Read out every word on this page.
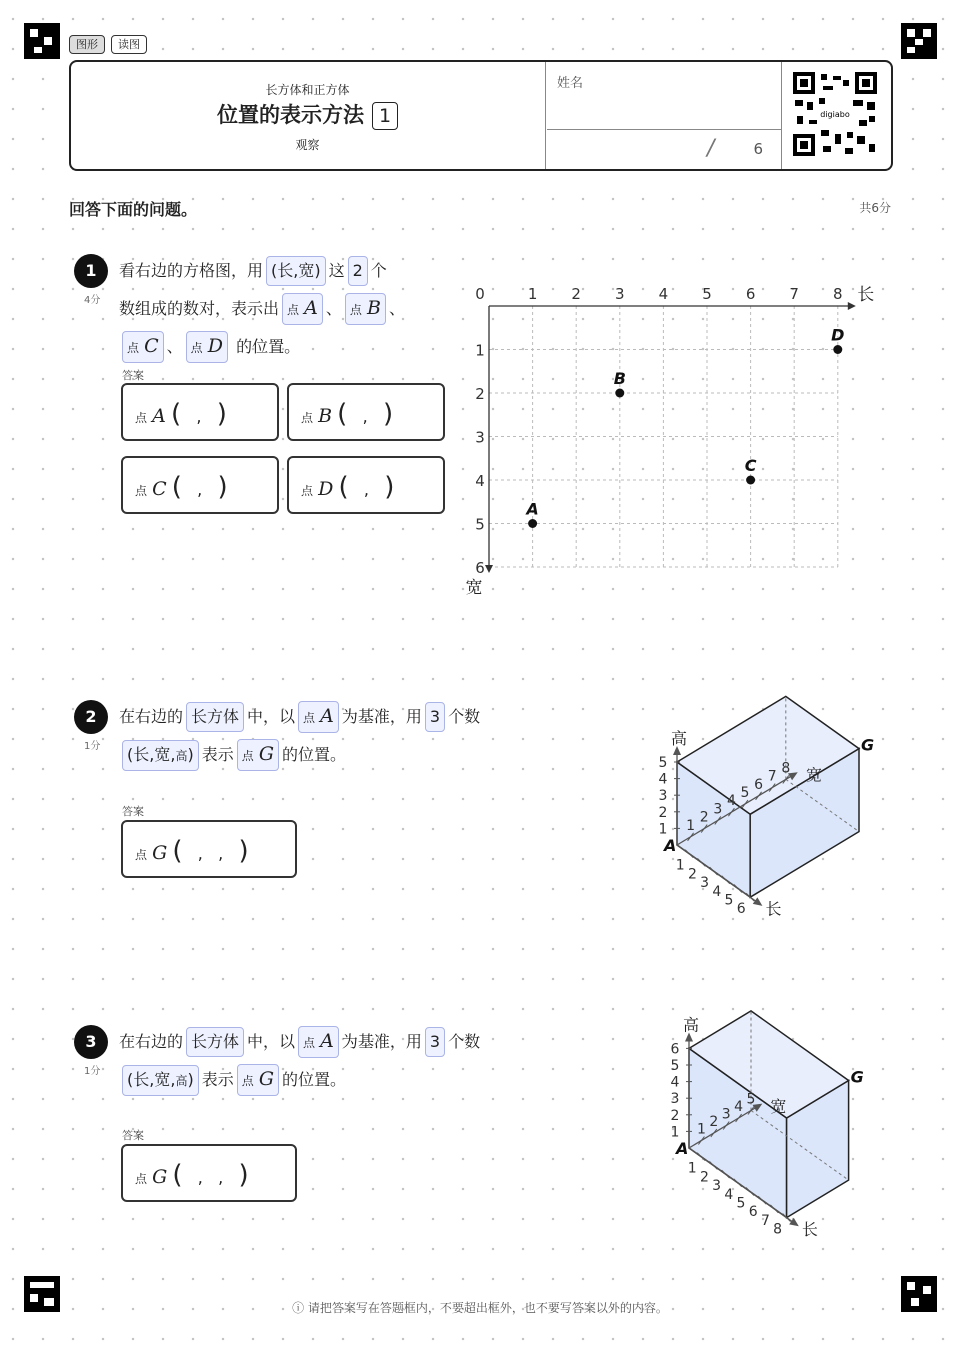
图形	读图
长方体和正方体
位置的表示方法 1
观察
姓名
/	6
digiabo
回答下面的问题。	共6分
1
4分
看右边的方格图，用 (长,宽) 这 2 个
数组成的数对，表示出 点 A 、 点 B 、
点 C 、 点 D 的位置。
答案
点 A (   ,   )	点 B (   ,   )
点 C (   ,   )	点 D (   ,   )
0	1 2 3 4 5 6 7 8
1
2
3
4
5
6
长
宽
A
B
C
D
2
1分
在右边的 长方体 中，以 点 A 为基准，用 3 个数
(长,宽,高) 表示 点 G 的位置。
答案
点 G (   ,   ,   )	1
2
3
4
5
6
1
2
3
4
5
6
7
8
1
2
3
4
5
高
宽
长
A
G
3
1分
在右边的 长方体 中，以 点 A 为基准，用 3 个数
(长,宽,高) 表示 点 G 的位置。
答案
点 G (   ,   ,   )	1
2
3
4
5
6
7
8
1 2 3 4 5
1
2
3
4
5
6
高
宽
长
A
G
ⓘ 请把答案写在答题框内，不要超出框外，也不要写答案以外的内容。
